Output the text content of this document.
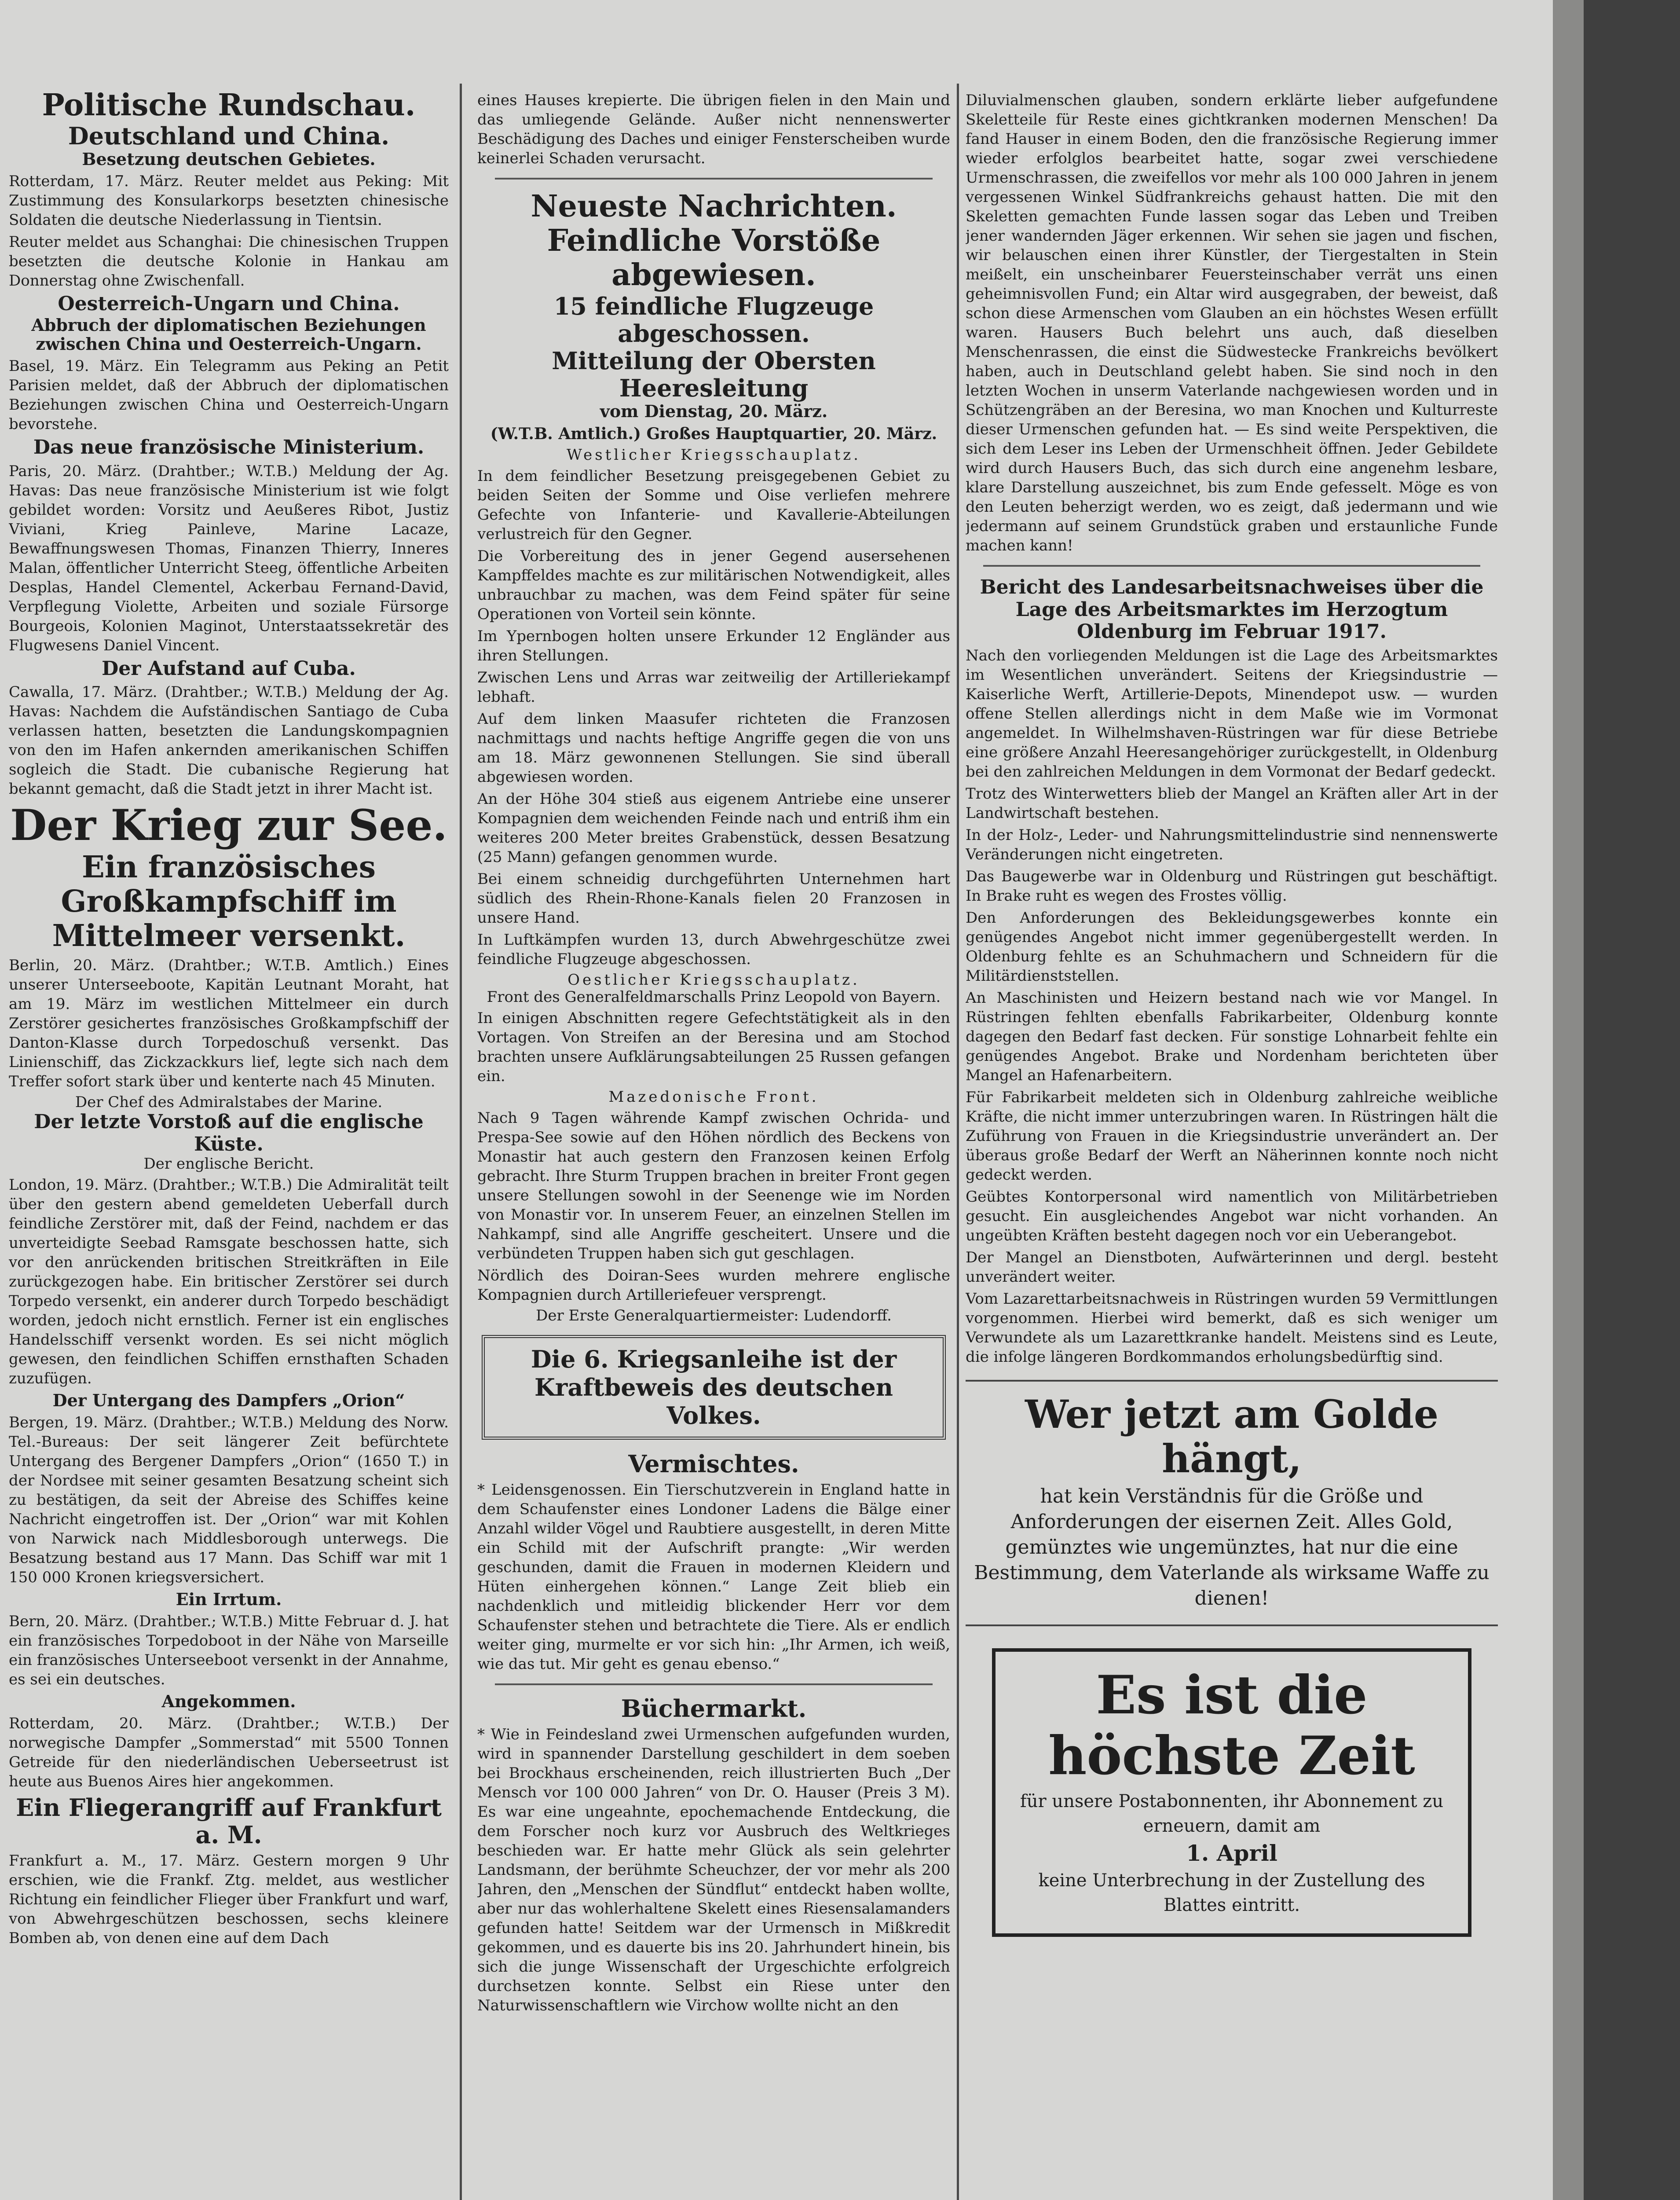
Politische Rundschau.
Deutschland und China.
Besetzung deutschen Gebietes.

Rotterdam, 17. März. Reuter meldet aus Peking: Mit Zustimmung des Konsularkorps besetzten chinesische Soldaten die deutsche Niederlassung in Tientsin.

Reuter meldet aus Schanghai: Die chinesischen Truppen besetzten die deutsche Kolonie in Hankau am Donnerstag ohne Zwischenfall.

Oesterreich-Ungarn und China.
Abbruch der diplomatischen Beziehungen zwischen China und Oesterreich-Ungarn.

Basel, 19. März. Ein Telegramm aus Peking an Petit Parisien meldet, daß der Abbruch der diplomatischen Beziehungen zwischen China und Oesterreich-Ungarn bevorstehe.

Das neue französische Ministerium.

Paris, 20. März. (Drahtber.; W.T.B.) Meldung der Ag. Havas: Das neue französische Ministerium ist wie folgt gebildet worden: Vorsitz und Aeußeres Ribot, Justiz Viviani, Krieg Painleve, Marine Lacaze, Bewaffnungswesen Thomas, Finanzen Thierry, Inneres Malan, öffentlicher Unterricht Steeg, öffentliche Arbeiten Desplas, Handel Clementel, Ackerbau Fernand-David, Verpflegung Violette, Arbeiten und soziale Fürsorge Bourgeois, Kolonien Maginot, Unterstaatssekretär des Flugwesens Daniel Vincent.

Der Aufstand auf Cuba.

Cawalla, 17. März. (Drahtber.; W.T.B.) Meldung der Ag. Havas: Nachdem die Aufständischen Santiago de Cuba verlassen hatten, besetzten die Landungskompagnien von den im Hafen ankernden amerikanischen Schiffen sogleich die Stadt. Die cubanische Regierung hat bekannt gemacht, daß die Stadt jetzt in ihrer Macht ist.

Der Krieg zur See.
Ein französisches Großkampfschiff im Mittelmeer versenkt.

Berlin, 20. März. (Drahtber.; W.T.B. Amtlich.) Eines unserer Unterseeboote, Kapitän Leutnant Moraht, hat am 19. März im westlichen Mittelmeer ein durch Zerstörer gesichertes französisches Großkampfschiff der Danton-Klasse durch Torpedoschuß versenkt. Das Linienschiff, das Zickzackkurs lief, legte sich nach dem Treffer sofort stark über und kenterte nach 45 Minuten.

Der Chef des Admiralstabes der Marine.
Der letzte Vorstoß auf die englische Küste.
Der englische Bericht.

London, 19. März. (Drahtber.; W.T.B.) Die Admiralität teilt über den gestern abend gemeldeten Ueberfall durch feindliche Zerstörer mit, daß der Feind, nachdem er das unverteidigte Seebad Ramsgate beschossen hatte, sich vor den anrückenden britischen Streitkräften in Eile zurückgezogen habe. Ein britischer Zerstörer sei durch Torpedo versenkt, ein anderer durch Torpedo beschädigt worden, jedoch nicht ernstlich. Ferner ist ein englisches Handelsschiff versenkt worden. Es sei nicht möglich gewesen, den feindlichen Schiffen ernsthaften Schaden zuzufügen.

Der Untergang des Dampfers „Orion“

Bergen, 19. März. (Drahtber.; W.T.B.) Meldung des Norw. Tel.-Bureaus: Der seit längerer Zeit befürchtete Untergang des Bergener Dampfers „Orion“ (1650 T.) in der Nordsee mit seiner gesamten Besatzung scheint sich zu bestätigen, da seit der Abreise des Schiffes keine Nachricht eingetroffen ist. Der „Orion“ war mit Kohlen von Narwick nach Middlesborough unterwegs. Die Besatzung bestand aus 17 Mann. Das Schiff war mit 1 150 000 Kronen kriegsversichert.

Ein Irrtum.

Bern, 20. März. (Drahtber.; W.T.B.) Mitte Februar d. J. hat ein französisches Torpedoboot in der Nähe von Marseille ein französisches Unterseeboot versenkt in der Annahme, es sei ein deutsches.

Angekommen.

Rotterdam, 20. März. (Drahtber.; W.T.B.) Der norwegische Dampfer „Sommerstad“ mit 5500 Tonnen Getreide für den niederländischen Ueberseetrust ist heute aus Buenos Aires hier angekommen.

Ein Fliegerangriff auf Frankfurt a. M.

Frankfurt a. M., 17. März. Gestern morgen 9 Uhr erschien, wie die Frankf. Ztg. meldet, aus westlicher Richtung ein feindlicher Flieger über Frankfurt und warf, von Abwehrgeschützen beschossen, sechs kleinere Bomben ab, von denen eine auf dem Dach

eines Hauses krepierte. Die übrigen fielen in den Main und das umliegende Gelände. Außer nicht nennenswerter Beschädigung des Daches und einiger Fensterscheiben wurde keinerlei Schaden verursacht.

Neueste Nachrichten.
Feindliche Vorstöße abgewiesen.
15 feindliche Flugzeuge abgeschossen.
Mitteilung der Obersten Heeresleitung
vom Dienstag, 20. März.

(W.T.B. Amtlich.) Großes Hauptquartier, 20. März.

Westlicher Kriegsschauplatz.

In dem feindlicher Besetzung preisgegebenen Gebiet zu beiden Seiten der Somme und Oise verliefen mehrere Gefechte von Infanterie- und Kavallerie-Abteilungen verlustreich für den Gegner.

Die Vorbereitung des in jener Gegend ausersehenen Kampffeldes machte es zur militärischen Notwendigkeit, alles unbrauchbar zu machen, was dem Feind später für seine Operationen von Vorteil sein könnte.

Im Ypernbogen holten unsere Erkunder 12 Engländer aus ihren Stellungen.

Zwischen Lens und Arras war zeitweilig der Artilleriekampf lebhaft.

Auf dem linken Maasufer richteten die Franzosen nachmittags und nachts heftige Angriffe gegen die von uns am 18. März gewonnenen Stellungen. Sie sind überall abgewiesen worden.

An der Höhe 304 stieß aus eigenem Antriebe eine unserer Kompagnien dem weichenden Feinde nach und entriß ihm ein weiteres 200 Meter breites Grabenstück, dessen Besatzung (25 Mann) gefangen genommen wurde.

Bei einem schneidig durchgeführten Unternehmen hart südlich des Rhein-Rhone-Kanals fielen 20 Franzosen in unsere Hand.

In Luftkämpfen wurden 13, durch Abwehrgeschütze zwei feindliche Flugzeuge abgeschossen.

Oestlicher Kriegsschauplatz.
Front des Generalfeldmarschalls Prinz Leopold von Bayern.

In einigen Abschnitten regere Gefechtstätigkeit als in den Vortagen. Von Streifen an der Beresina und am Stochod brachten unsere Aufklärungsabteilungen 25 Russen gefangen ein.

Mazedonische Front.

Nach 9 Tagen währende Kampf zwischen Ochrida- und Prespa-See sowie auf den Höhen nördlich des Beckens von Monastir hat auch gestern den Franzosen keinen Erfolg gebracht. Ihre Sturm Truppen brachen in breiter Front gegen unsere Stellungen sowohl in der Seenenge wie im Norden von Monastir vor. In unserem Feuer, an einzelnen Stellen im Nahkampf, sind alle Angriffe gescheitert. Unsere und die verbündeten Truppen haben sich gut geschlagen.

Nördlich des Doiran-Sees wurden mehrere englische Kompagnien durch Artilleriefeuer versprengt.

Der Erste Generalquartiermeister: Ludendorff.
Die 6. Kriegsanleihe ist der Kraftbeweis des deutschen Volkes.
Vermischtes.

* Leidensgenossen. Ein Tierschutzverein in England hatte in dem Schaufenster eines Londoner Ladens die Bälge einer Anzahl wilder Vögel und Raubtiere ausgestellt, in deren Mitte ein Schild mit der Aufschrift prangte: „Wir werden geschunden, damit die Frauen in modernen Kleidern und Hüten einhergehen können.“ Lange Zeit blieb ein nachdenklich und mitleidig blickender Herr vor dem Schaufenster stehen und betrachtete die Tiere. Als er endlich weiter ging, murmelte er vor sich hin: „Ihr Armen, ich weiß, wie das tut. Mir geht es genau ebenso.“

Büchermarkt.

* Wie in Feindesland zwei Urmenschen aufgefunden wurden, wird in spannender Darstellung geschildert in dem soeben bei Brockhaus erscheinenden, reich illustrierten Buch „Der Mensch vor 100 000 Jahren“ von Dr. O. Hauser (Preis 3 M). Es war eine ungeahnte, epochemachende Entdeckung, die dem Forscher noch kurz vor Ausbruch des Weltkrieges beschieden war. Er hatte mehr Glück als sein gelehrter Landsmann, der berühmte Scheuchzer, der vor mehr als 200 Jahren, den „Menschen der Sündflut“ entdeckt haben wollte, aber nur das wohlerhaltene Skelett eines Riesensalamanders gefunden hatte! Seitdem war der Urmensch in Mißkredit gekommen, und es dauerte bis ins 20. Jahrhundert hinein, bis sich die junge Wissenschaft der Urgeschichte erfolgreich durchsetzen konnte. Selbst ein Riese unter den Naturwissenschaftlern wie Virchow wollte nicht an den

Diluvialmenschen glauben, sondern erklärte lieber aufgefundene Skeletteile für Reste eines gichtkranken modernen Menschen! Da fand Hauser in einem Boden, den die französische Regierung immer wieder erfolglos bearbeitet hatte, sogar zwei verschiedene Urmenschrassen, die zweifellos vor mehr als 100 000 Jahren in jenem vergessenen Winkel Südfrankreichs gehaust hatten. Die mit den Skeletten gemachten Funde lassen sogar das Leben und Treiben jener wandernden Jäger erkennen. Wir sehen sie jagen und fischen, wir belauschen einen ihrer Künstler, der Tiergestalten in Stein meißelt, ein unscheinbarer Feuersteinschaber verrät uns einen geheimnisvollen Fund; ein Altar wird ausgegraben, der beweist, daß schon diese Armenschen vom Glauben an ein höchstes Wesen erfüllt waren. Hausers Buch belehrt uns auch, daß dieselben Menschenrassen, die einst die Südwestecke Frankreichs bevölkert haben, auch in Deutschland gelebt haben. Sie sind noch in den letzten Wochen in unserm Vaterlande nachgewiesen worden und in Schützengräben an der Beresina, wo man Knochen und Kulturreste dieser Urmenschen gefunden hat. — Es sind weite Perspektiven, die sich dem Leser ins Leben der Urmenschheit öffnen. Jeder Gebildete wird durch Hausers Buch, das sich durch eine angenehm lesbare, klare Darstellung auszeichnet, bis zum Ende gefesselt. Möge es von den Leuten beherzigt werden, wo es zeigt, daß jedermann und wie jedermann auf seinem Grundstück graben und erstaunliche Funde machen kann!

Bericht des Landesarbeitsnachweises über die Lage des Arbeitsmarktes im Herzogtum Oldenburg im Februar 1917.

Nach den vorliegenden Meldungen ist die Lage des Arbeitsmarktes im Wesentlichen unverändert. Seitens der Kriegsindustrie — Kaiserliche Werft, Artillerie-Depots, Minendepot usw. — wurden offene Stellen allerdings nicht in dem Maße wie im Vormonat angemeldet. In Wilhelmshaven-Rüstringen war für diese Betriebe eine größere Anzahl Heeresangehöriger zurückgestellt, in Oldenburg bei den zahlreichen Meldungen in dem Vormonat der Bedarf gedeckt.

Trotz des Winterwetters blieb der Mangel an Kräften aller Art in der Landwirtschaft bestehen.

In der Holz-, Leder- und Nahrungsmittelindustrie sind nennenswerte Veränderungen nicht eingetreten.

Das Baugewerbe war in Oldenburg und Rüstringen gut beschäftigt. In Brake ruht es wegen des Frostes völlig.

Den Anforderungen des Bekleidungsgewerbes konnte ein genügendes Angebot nicht immer gegenübergestellt werden. In Oldenburg fehlte es an Schuhmachern und Schneidern für die Militärdienststellen.

An Maschinisten und Heizern bestand nach wie vor Mangel. In Rüstringen fehlten ebenfalls Fabrikarbeiter, Oldenburg konnte dagegen den Bedarf fast decken. Für sonstige Lohnarbeit fehlte ein genügendes Angebot. Brake und Nordenham berichteten über Mangel an Hafenarbeitern.

Für Fabrikarbeit meldeten sich in Oldenburg zahlreiche weibliche Kräfte, die nicht immer unterzubringen waren. In Rüstringen hält die Zuführung von Frauen in die Kriegsindustrie unverändert an. Der überaus große Bedarf der Werft an Näherinnen konnte noch nicht gedeckt werden.

Geübtes Kontorpersonal wird namentlich von Militärbetrieben gesucht. Ein ausgleichendes Angebot war nicht vorhanden. An ungeübten Kräften besteht dagegen noch vor ein Ueberangebot.

Der Mangel an Dienstboten, Aufwärterinnen und dergl. besteht unverändert weiter.

Vom Lazarettarbeitsnachweis in Rüstringen wurden 59 Vermittlungen vorgenommen. Hierbei wird bemerkt, daß es sich weniger um Verwundete als um Lazarettkranke handelt. Meistens sind es Leute, die infolge längeren Bordkommandos erholungsbedürftig sind.

Wer jetzt am Golde hängt,

hat kein Verständnis für die Größe und Anforderungen der eisernen Zeit. Alles Gold, gemünztes wie ungemünztes, hat nur die eine Bestimmung, dem Vaterlande als wirksame Waffe zu dienen!

Es ist die höchste Zeit

für unsere Postabonnenten, ihr Abonnement zu erneuern, damit am

1. April

keine Unterbrechung in der Zustellung des Blattes eintritt.
